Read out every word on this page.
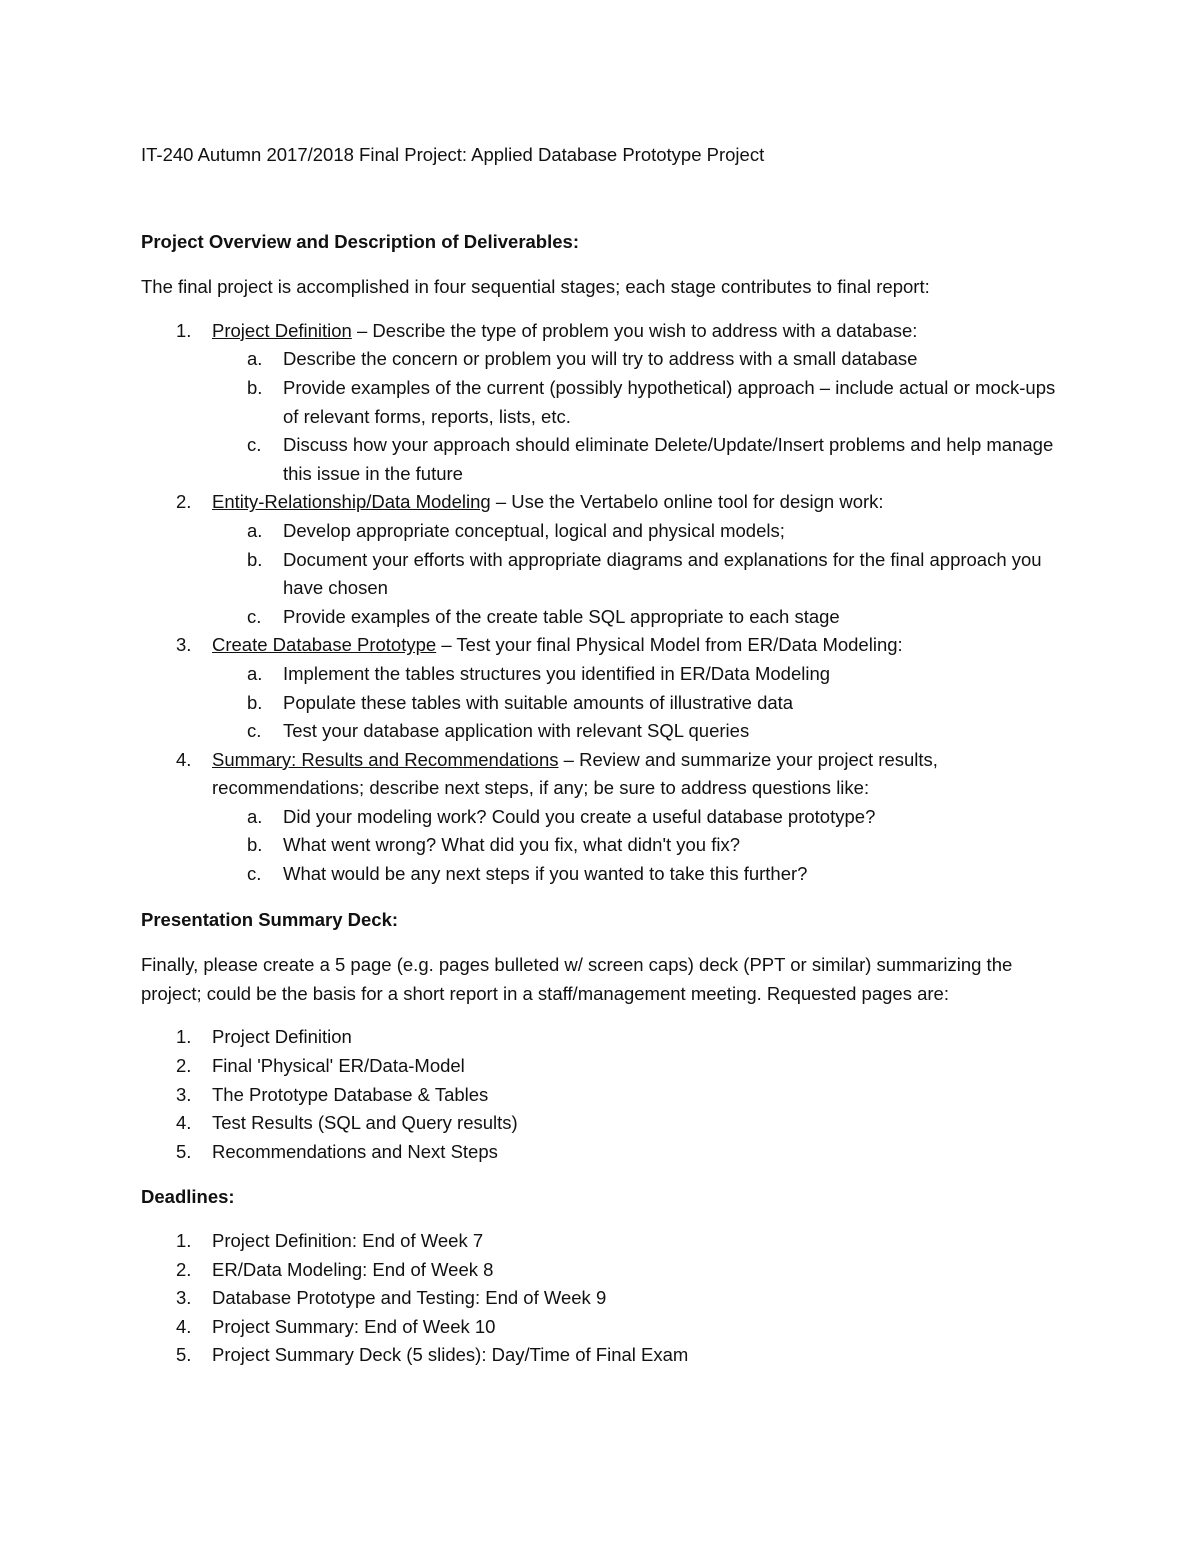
IT-240 Autumn 2017/2018 Final Project: Applied Database Prototype Project

Project Overview and Description of Deliverables:

The final project is accomplished in four sequential stages; each stage contributes to final report:

1. Project Definition – Describe the type of problem you wish to address with a database:
a. Describe the concern or problem you will try to address with a small database
b. Provide examples of the current (possibly hypothetical) approach – include actual or mock-ups of relevant forms, reports, lists, etc.
c. Discuss how your approach should eliminate Delete/Update/Insert problems and help manage this issue in the future
2. Entity-Relationship/Data Modeling – Use the Vertabelo online tool for design work:
a. Develop appropriate conceptual, logical and physical models;
b. Document your efforts with appropriate diagrams and explanations for the final approach you have chosen
c. Provide examples of the create table SQL appropriate to each stage
3. Create Database Prototype – Test your final Physical Model from ER/Data Modeling:
a. Implement the tables structures you identified in ER/Data Modeling
b. Populate these tables with suitable amounts of illustrative data
c. Test your database application with relevant SQL queries
4. Summary: Results and Recommendations – Review and summarize your project results, recommendations; describe next steps, if any; be sure to address questions like:
a. Did your modeling work? Could you create a useful database prototype?
b. What went wrong? What did you fix, what didn't you fix?
c. What would be any next steps if you wanted to take this further?
Presentation Summary Deck:

Finally, please create a 5 page (e.g. pages bulleted w/ screen caps) deck (PPT or similar) summarizing the project; could be the basis for a short report in a staff/management meeting. Requested pages are:

1. Project Definition
2. Final 'Physical' ER/Data-Model
3. The Prototype Database & Tables
4. Test Results (SQL and Query results)
5. Recommendations and Next Steps
Deadlines:
1. Project Definition: End of Week 7
2. ER/Data Modeling: End of Week 8
3. Database Prototype and Testing: End of Week 9
4. Project Summary: End of Week 10
5. Project Summary Deck (5 slides): Day/Time of Final Exam
